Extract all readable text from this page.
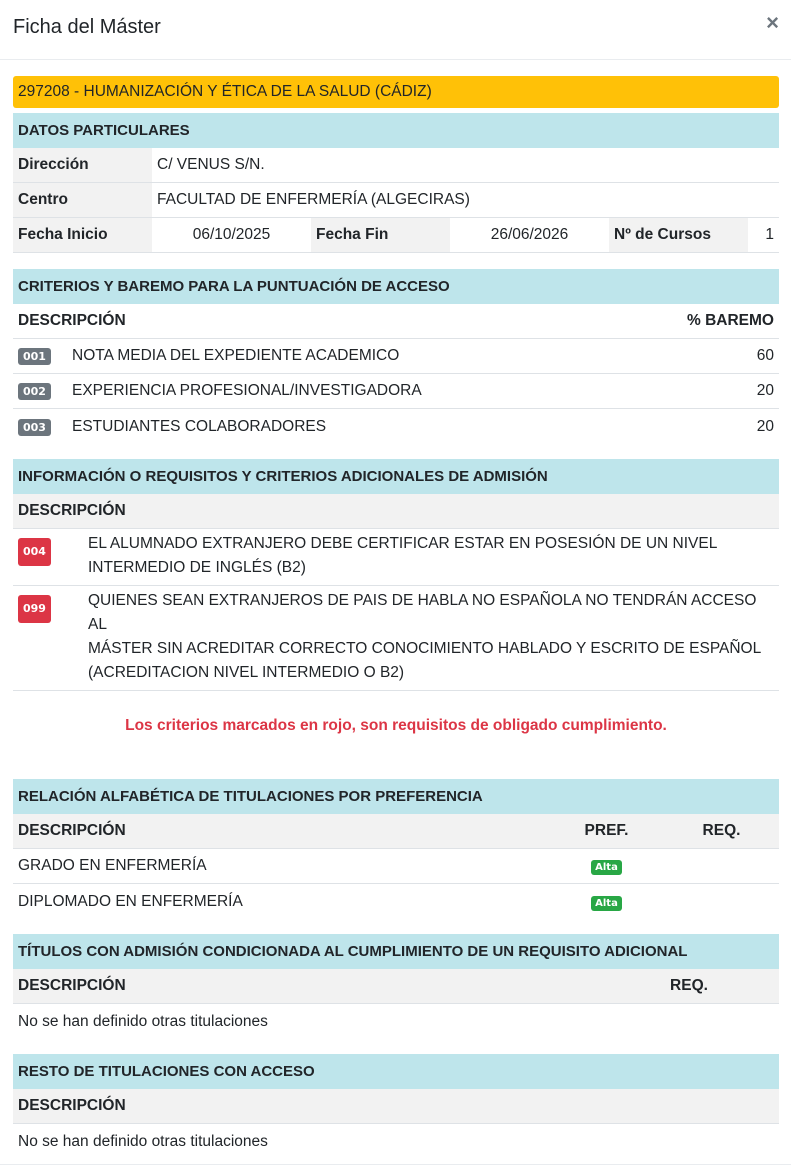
Ficha del Máster	×
297208 - HUMANIZACIÓN Y ÉTICA DE LA SALUD (CÁDIZ)
DATOS PARTICULARES
Dirección	C/ VENUS S/N.
Centro	FACULTAD DE ENFERMERÍA (ALGECIRAS)
Fecha Inicio	06/10/2025	Fecha Fin	26/06/2026	Nº de Cursos	1
CRITERIOS Y BAREMO PARA LA PUNTUACIÓN DE ACCESO
DESCRIPCIÓN	% BAREMO
001	NOTA MEDIA DEL EXPEDIENTE ACADEMICO	60
002	EXPERIENCIA PROFESIONAL/INVESTIGADORA	20
003	ESTUDIANTES COLABORADORES	20
INFORMACIÓN O REQUISITOS Y CRITERIOS ADICIONALES DE ADMISIÓN
DESCRIPCIÓN
004	EL ALUMNADO EXTRANJERO DEBE CERTIFICAR ESTAR EN POSESIÓN DE UN NIVEL
INTERMEDIO DE INGLÉS (B2)
099	QUIENES SEAN EXTRANJEROS DE PAIS DE HABLA NO ESPAÑOLA NO TENDRÁN ACCESO AL
MÁSTER SIN ACREDITAR CORRECTO CONOCIMIENTO HABLADO Y ESCRITO DE ESPAÑOL
(ACREDITACION NIVEL INTERMEDIO O B2)
Los criterios marcados en rojo, son requisitos de obligado cumplimiento.
RELACIÓN ALFABÉTICA DE TITULACIONES POR PREFERENCIA
DESCRIPCIÓN	PREF.	REQ.
GRADO EN ENFERMERÍA	Alta
DIPLOMADO EN ENFERMERÍA	Alta
TÍTULOS CON ADMISIÓN CONDICIONADA AL CUMPLIMIENTO DE UN REQUISITO ADICIONAL
DESCRIPCIÓN	REQ.
No se han definido otras titulaciones
RESTO DE TITULACIONES CON ACCESO
DESCRIPCIÓN
No se han definido otras titulaciones
